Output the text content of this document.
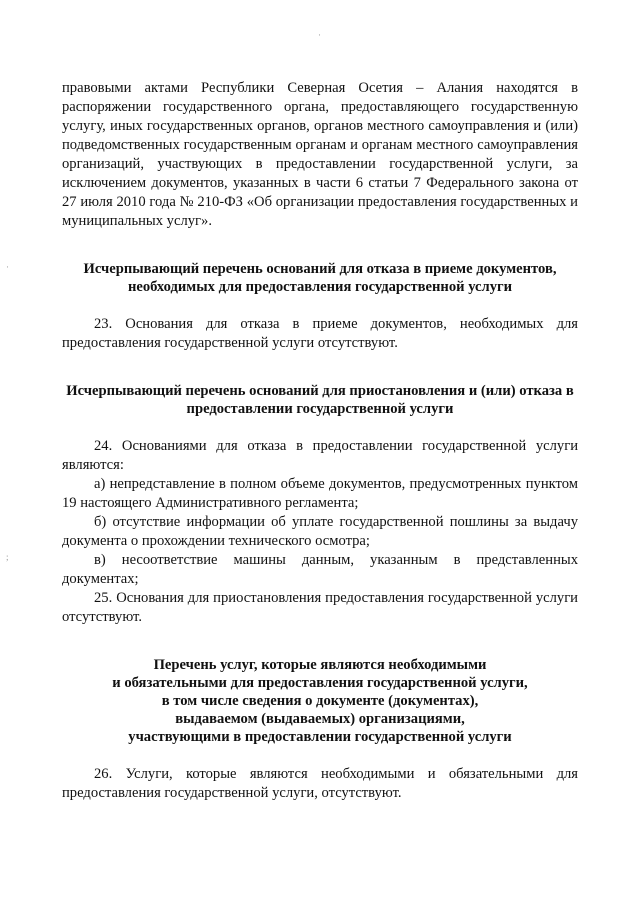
·
·
;

правовыми актами Республики Северная Осетия – Алания находятся в распоряжении государственного органа, предоставляющего государственную услугу, иных государственных органов, органов местного самоуправления и (или) подведомственных государственным органам и органам местного самоуправления организаций, участвующих в предоставлении государственной услуги, за исключением документов, указанных в части 6 статьи 7 Федерального закона от 27 июля 2010 года № 210-ФЗ «Об организации предоставления государственных и муниципальных услуг».

Исчерпывающий перечень оснований для отказа в приеме документов, необходимых для предоставления государственной услуги

23. Основания для отказа в приеме документов, необходимых для предоставления государственной услуги отсутствуют.

Исчерпывающий перечень оснований для приостановления и (или) отказа в предоставлении государственной услуги

24. Основаниями для отказа в предоставлении государственной услуги являются:

а) непредставление в полном объеме документов, предусмотренных пунктом 19 настоящего Административного регламента;

б) отсутствие информации об уплате государственной пошлины за выдачу документа о прохождении технического осмотра;

в) несоответствие машины данным, указанным в представленных документах;

25. Основания для приостановления предоставления государственной услуги отсутствуют.

Перечень услуг, которые являются необходимыми
и обязательными для предоставления государственной услуги,
в том числе сведения о документе (документах),
выдаваемом (выдаваемых) организациями,
участвующими в предоставлении государственной услуги

26. Услуги, которые являются необходимыми и обязательными для предоставления государственной услуги, отсутствуют.
